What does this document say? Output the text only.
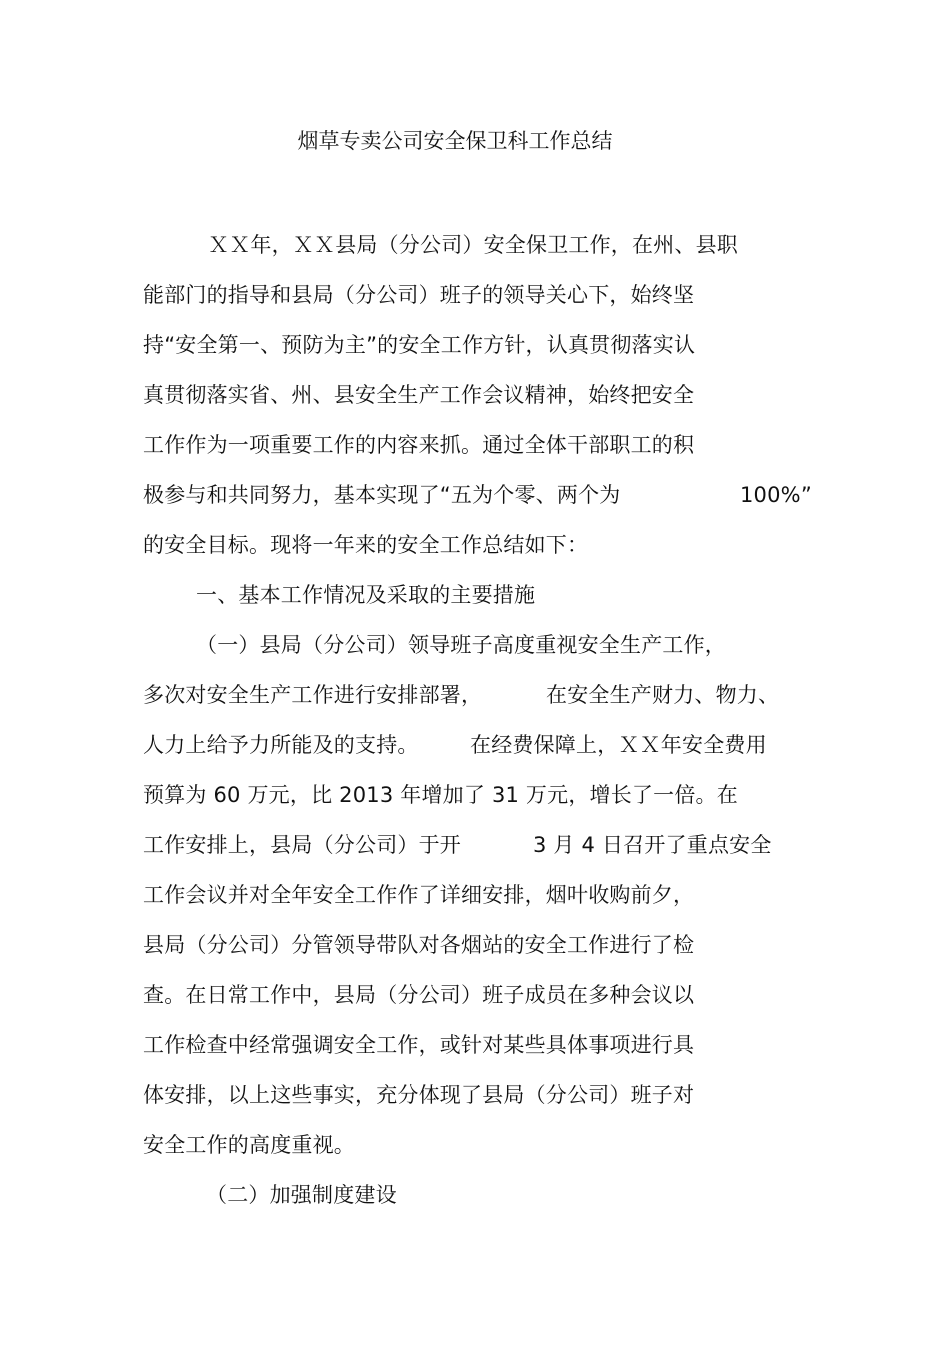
烟草专卖公司安全保卫科工作总结
ＸＸ年，ＸＸ县局（分公司）安全保卫工作，在州、县职
能部门的指导和县局（分公司）班子的领导关心下，始终坚
持“安全第一、预防为主”的安全工作方针，认真贯彻落实认
真贯彻落实省、州、县安全生产工作会议精神，始终把安全
工作作为一项重要工作的内容来抓。通过全体干部职工的积
极参与和共同努力，基本实现了“五为个零、两个为	100%”
的安全目标。现将一年来的安全工作总结如下：
一、基本工作情况及采取的主要措施
（一）县局（分公司）领导班子高度重视安全生产工作，
多次对安全生产工作进行安排部署，	在安全生产财力、物力、
人力上给予力所能及的支持。 在经费保障上，ＸＸ年安全费用
预算为 60 万元，比 2013 年增加了 31 万元，增长了一倍。在
工作安排上，县局（分公司）于开	3 月 4 日召开了重点安全
工作会议并对全年安全工作作了详细安排，烟叶收购前夕，
县局（分公司）分管领导带队对各烟站的安全工作进行了检
查。在日常工作中，县局（分公司）班子成员在多种会议以
工作检查中经常强调安全工作，或针对某些具体事项进行具
体安排，以上这些事实，充分体现了县局（分公司）班子对
安全工作的高度重视。
（二）加强制度建设
